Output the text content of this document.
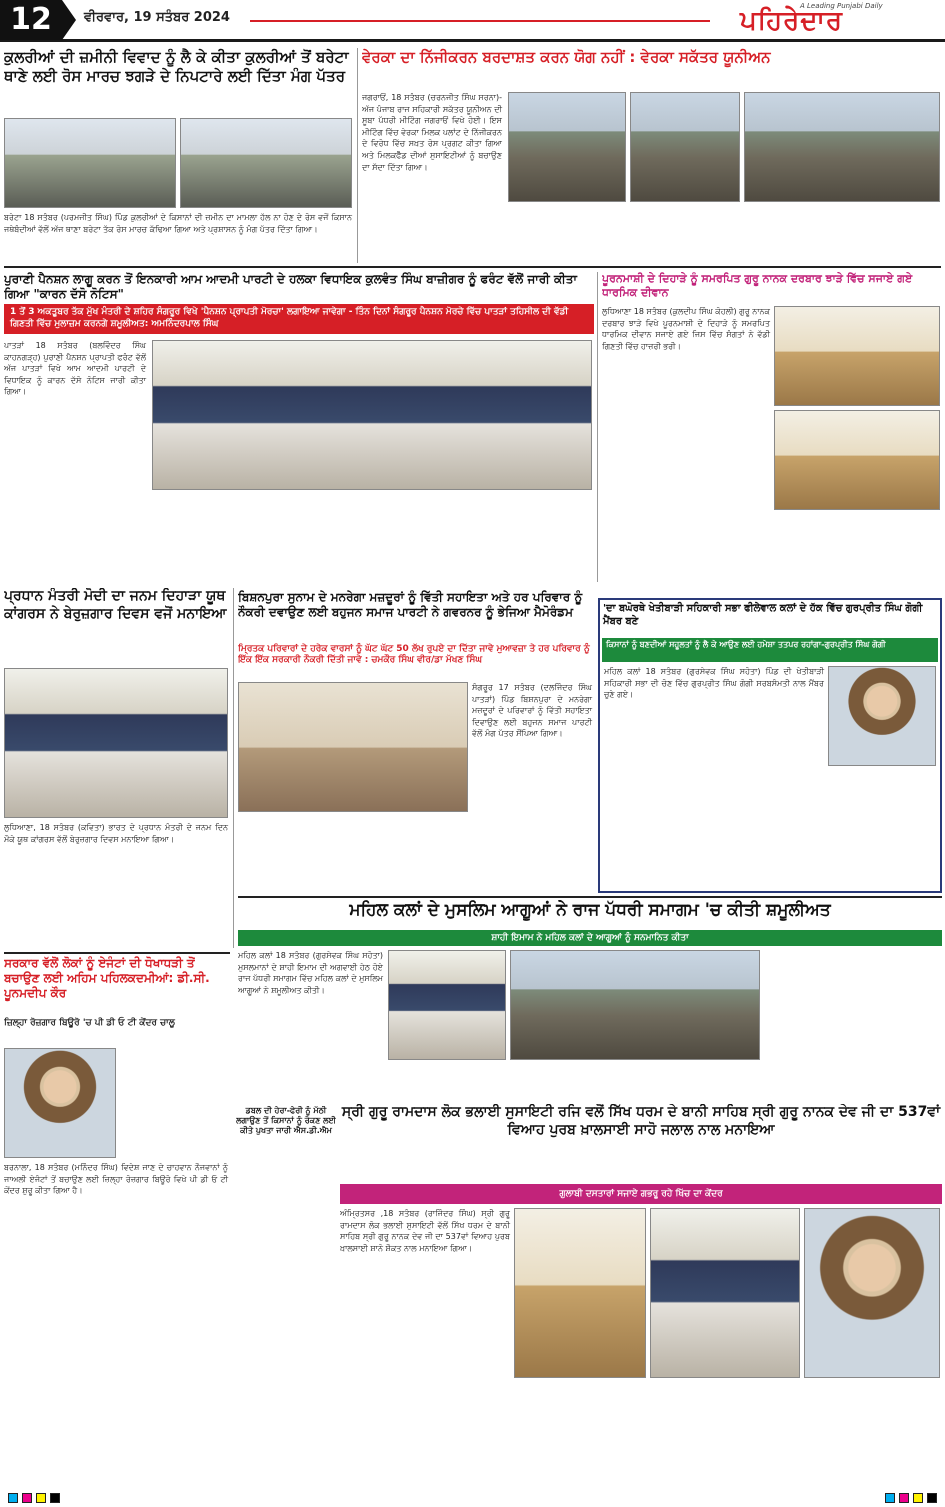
12	ਵੀਰਵਾਰ, 19 ਸਤੰਬਰ 2024
A Leading Punjabi Daily
ਪਹਿਰੇਦਾਰ
ਕੁਲਰੀਆਂ ਦੀ ਜ਼ਮੀਨੀ ਵਿਵਾਦ ਨੂੰ ਲੈ ਕੇ ਕੀਤਾ ਕੁਲਰੀਆਂ ਤੋਂ ਬਰੇਟਾ ਥਾਣੇ ਲਈ ਰੋਸ ਮਾਰਚ ਝਗੜੇ ਦੇ ਨਿਪਟਾਰੇ ਲਈ ਦਿੱਤਾ ਮੰਗ ਪੱਤਰ
ਬਰੇਟਾ 18 ਸਤੰਬਰ (ਪਰਮਜੀਤ ਸਿੰਘ) ਪਿੰਡ ਕੁਲਰੀਆਂ ਦੇ ਕਿਸਾਨਾਂ ਦੀ ਜ਼ਮੀਨ ਦਾ ਮਾਮਲਾ ਹੱਲ ਨਾ ਹੋਣ ਦੇ ਰੋਸ ਵਜੋਂ ਕਿਸਾਨ ਜਥੇਬੰਦੀਆਂ ਵੱਲੋਂ ਅੱਜ ਥਾਣਾ ਬਰੇਟਾ ਤੱਕ ਰੋਸ ਮਾਰਚ ਕੱਢਿਆ ਗਿਆ ਅਤੇ ਪ੍ਰਸ਼ਾਸਨ ਨੂੰ ਮੰਗ ਪੱਤਰ ਦਿੱਤਾ ਗਿਆ।
ਵੇਰਕਾ ਦਾ ਨਿੱਜੀਕਰਨ ਬਰਦਾਸ਼ਤ ਕਰਨ ਯੋਗ ਨਹੀਂ : ਵੇਰਕਾ ਸਕੱਤਰ ਯੂਨੀਅਨ
ਜਗਰਾਓਂ, 18 ਸਤੰਬਰ (ਚਰਨਜੀਤ ਸਿੰਘ ਸਰਨਾ)-ਅੱਜ ਪੰਜਾਬ ਰਾਜ ਸਹਿਕਾਰੀ ਸਕੱਤਰ ਯੂਨੀਅਨ ਦੀ ਸੂਬਾ ਪੱਧਰੀ ਮੀਟਿੰਗ ਜਗਰਾਓਂ ਵਿਖੇ ਹੋਈ। ਇਸ ਮੀਟਿੰਗ ਵਿੱਚ ਵੇਰਕਾ ਮਿਲਕ ਪਲਾਂਟ ਦੇ ਨਿੱਜੀਕਰਨ ਦੇ ਵਿਰੋਧ ਵਿੱਚ ਸਖ਼ਤ ਰੋਸ ਪ੍ਰਗਟ ਕੀਤਾ ਗਿਆ ਅਤੇ ਮਿਲਕਫੈੱਡ ਦੀਆਂ ਸੁਸਾਇਟੀਆਂ ਨੂੰ ਬਚਾਉਣ ਦਾ ਸੱਦਾ ਦਿੱਤਾ ਗਿਆ।
ਪੁਰਾਣੀ ਪੈਨਸ਼ਨ ਲਾਗੂ ਕਰਨ ਤੋਂ ਇਨਕਾਰੀ ਆਮ ਆਦਮੀ ਪਾਰਟੀ ਦੇ ਹਲਕਾ ਵਿਧਾਇਕ ਕੁਲਵੰਤ ਸਿੰਘ ਬਾਜ਼ੀਗਰ ਨੂੰ ਫਰੰਟ ਵੱਲੋਂ ਜਾਰੀ ਕੀਤਾ ਗਿਆ "ਕਾਰਨ ਦੱਸੋ ਨੋਟਿਸ"
1 ਤੋਂ 3 ਅਕਤੂਬਰ ਤੱਕ ਮੁੱਖ ਮੰਤਰੀ ਦੇ ਸ਼ਹਿਰ ਸੰਗਰੂਰ ਵਿਖੇ 'ਪੈਨਸ਼ਨ ਪ੍ਰਾਪਤੀ ਮੋਰਚਾ' ਲਗਾਇਆ ਜਾਵੇਗਾ - ਤਿੰਨ ਦਿਨਾਂ ਸੰਗਰੂਰ ਪੈਨਸ਼ਨ ਮੋਰਚੇ ਵਿੱਚ ਪਾਤੜਾਂ ਤਹਿਸੀਲ ਦੀ ਵੱਡੀ ਗਿਣਤੀ ਵਿੱਚ ਮੁਲਾਜ਼ਮ ਕਰਨਗੇ ਸ਼ਮੂਲੀਅਤ: ਅਮਨਿੰਦਰਪਾਲ ਸਿੰਘ
ਪਾਤੜਾਂ 18 ਸਤੰਬਰ (ਬਲਵਿੰਦਰ ਸਿੰਘ ਕਾਹਨਗੜ੍ਹ) ਪੁਰਾਣੀ ਪੈਨਸ਼ਨ ਪ੍ਰਾਪਤੀ ਫਰੰਟ ਵੱਲੋਂ ਅੱਜ ਪਾਤੜਾਂ ਵਿਖੇ ਆਮ ਆਦਮੀ ਪਾਰਟੀ ਦੇ ਵਿਧਾਇਕ ਨੂੰ ਕਾਰਨ ਦੱਸੋ ਨੋਟਿਸ ਜਾਰੀ ਕੀਤਾ ਗਿਆ।
ਪੂਰਨਮਾਸ਼ੀ ਦੇ ਦਿਹਾੜੇ ਨੂੰ ਸਮਰਪਿਤ ਗੁਰੂ ਨਾਨਕ ਦਰਬਾਰ ਝਾੜੇ ਵਿੱਚ ਸਜਾਏ ਗਏ ਧਾਰਮਿਕ ਦੀਵਾਨ
ਲੁਧਿਆਣਾ 18 ਸਤੰਬਰ (ਕੁਲਦੀਪ ਸਿੰਘ ਕੋਹਲੀ) ਗੁਰੂ ਨਾਨਕ ਦਰਬਾਰ ਝਾੜੇ ਵਿਖੇ ਪੂਰਨਮਾਸ਼ੀ ਦੇ ਦਿਹਾੜੇ ਨੂੰ ਸਮਰਪਿਤ ਧਾਰਮਿਕ ਦੀਵਾਨ ਸਜਾਏ ਗਏ ਜਿਸ ਵਿੱਚ ਸੰਗਤਾਂ ਨੇ ਵੱਡੀ ਗਿਣਤੀ ਵਿੱਚ ਹਾਜ਼ਰੀ ਭਰੀ।
ਪ੍ਰਧਾਨ ਮੰਤਰੀ ਮੋਦੀ ਦਾ ਜਨਮ ਦਿਹਾੜਾ ਯੂਥ ਕਾਂਗਰਸ ਨੇ ਬੇਰੁਜ਼ਗਾਰ ਦਿਵਸ ਵਜੋਂ ਮਨਾਇਆ
ਲੁਧਿਆਣਾ, 18 ਸਤੰਬਰ (ਕਵਿਤਾ) ਭਾਰਤ ਦੇ ਪ੍ਰਧਾਨ ਮੰਤਰੀ ਦੇ ਜਨਮ ਦਿਨ ਮੌਕੇ ਯੂਥ ਕਾਂਗਰਸ ਵੱਲੋਂ ਬੇਰੁਜ਼ਗਾਰ ਦਿਵਸ ਮਨਾਇਆ ਗਿਆ।
ਬਿਸ਼ਨਪੁਰਾ ਸੁਨਾਮ ਦੇ ਮਨਰੇਗਾ ਮਜ਼ਦੂਰਾਂ ਨੂੰ ਵਿੱਤੀ ਸਹਾਇਤਾ ਅਤੇ ਹਰ ਪਰਿਵਾਰ ਨੂੰ ਨੌਕਰੀ ਦਵਾਉਣ ਲਈ ਬਹੁਜਨ ਸਮਾਜ ਪਾਰਟੀ ਨੇ ਗਵਰਨਰ ਨੂੰ ਭੇਜਿਆ ਮੈਮੋਰੰਡਮ
ਮ੍ਰਿਤਕ ਪਰਿਵਾਰਾਂ ਦੇ ਹਰੇਕ ਵਾਰਸਾਂ ਨੂੰ ਘੱਟ ਘੱਟ 50 ਲੱਖ ਰੁਪਏ ਦਾ ਦਿੱਤਾ ਜਾਵੇ ਮੁਆਵਜ਼ਾ ਤੇ ਹਰ ਪਰਿਵਾਰ ਨੂੰ ਇੱਕ ਇੱਕ ਸਰਕਾਰੀ ਨੌਕਰੀ ਦਿੱਤੀ ਜਾਵੇ : ਚਮਕੌਰ ਸਿੰਘ ਵੀਰ/ਡਾ ਮੱਖਣ ਸਿੰਘ
ਸੰਗਰੂਰ 17 ਸਤੰਬਰ (ਦਲਜਿੰਦਰ ਸਿੰਘ ਪਾਤੜਾਂ) ਪਿੰਡ ਬਿਸ਼ਨਪੁਰਾ ਦੇ ਮਨਰੇਗਾ ਮਜ਼ਦੂਰਾਂ ਦੇ ਪਰਿਵਾਰਾਂ ਨੂੰ ਵਿੱਤੀ ਸਹਾਇਤਾ ਦਿਵਾਉਣ ਲਈ ਬਹੁਜਨ ਸਮਾਜ ਪਾਰਟੀ ਵੱਲੋਂ ਮੰਗ ਪੱਤਰ ਸੌਂਪਿਆ ਗਿਆ।
'ਦਾ ਬਘੋਰਥੇ ਖੇਤੀਬਾੜੀ ਸਹਿਕਾਰੀ ਸਭਾ ਫੀਲੇਵਾਲ ਕਲਾਂ ਦੇ ਹੱਕ ਵਿੱਚ ਗੁਰਪ੍ਰੀਤ ਸਿੰਘ ਗੋਗੀ ਮੈਂਬਰ ਬਣੇ
ਕਿਸਾਨਾਂ ਨੂੰ ਬਣਦੀਆਂ ਸਹੂਲਤਾਂ ਨੂੰ ਲੈ ਕੇ ਆਉਣ ਲਈ ਹਮੇਸ਼ਾ ਤਤਪਰ ਰਹਾਂਗਾ-ਗੁਰਪ੍ਰੀਤ ਸਿੰਘ ਗੋਗੀ
ਮਹਿਲ ਕਲਾਂ 18 ਸਤੰਬਰ (ਗੁਰਸੇਵਕ ਸਿੰਘ ਸਹੋਤਾ) ਪਿੰਡ ਦੀ ਖੇਤੀਬਾੜੀ ਸਹਿਕਾਰੀ ਸਭਾ ਦੀ ਚੋਣ ਵਿੱਚ ਗੁਰਪ੍ਰੀਤ ਸਿੰਘ ਗੋਗੀ ਸਰਬਸੰਮਤੀ ਨਾਲ ਮੈਂਬਰ ਚੁਣੇ ਗਏ।
ਮਹਿਲ ਕਲਾਂ ਦੇ ਮੁਸਲਿਮ ਆਗੂਆਂ ਨੇ ਰਾਜ ਪੱਧਰੀ ਸਮਾਗਮ 'ਚ ਕੀਤੀ ਸ਼ਮੂਲੀਅਤ
ਸ਼ਾਹੀ ਇਮਾਮ ਨੇ ਮਹਿਲ ਕਲਾਂ ਦੇ ਆਗੂਆਂ ਨੂੰ ਸਨਮਾਨਿਤ ਕੀਤਾ
ਮਹਿਲ ਕਲਾਂ 18 ਸਤੰਬਰ (ਗੁਰਸੇਵਕ ਸਿੰਘ ਸਹੋਤਾ) ਮੁਸਲਮਾਨਾਂ ਦੇ ਸ਼ਾਹੀ ਇਮਾਮ ਦੀ ਅਗਵਾਈ ਹੇਠ ਹੋਏ ਰਾਜ ਪੱਧਰੀ ਸਮਾਗਮ ਵਿੱਚ ਮਹਿਲ ਕਲਾਂ ਦੇ ਮੁਸਲਿਮ ਆਗੂਆਂ ਨੇ ਸ਼ਮੂਲੀਅਤ ਕੀਤੀ।
ਸਰਕਾਰ ਵੱਲੋਂ ਲੋਕਾਂ ਨੂੰ ਏਜੰਟਾਂ ਦੀ ਧੋਖਾਧੜੀ ਤੋਂ ਬਚਾਉਣ ਲਈ ਅਹਿਮ ਪਹਿਲਕਦਮੀਆਂ: ਡੀ.ਸੀ. ਪੂਨਮਦੀਪ ਕੌਰ
ਜ਼ਿਲ੍ਹਾ ਰੋਜ਼ਗਾਰ ਬਿਊਰੋ 'ਚ ਪੀ ਡੀ ਓ ਟੀ ਕੇਂਦਰ ਚਾਲੂ
ਬਰਨਾਲਾ, 18 ਸਤੰਬਰ (ਮਨਿੰਦਰ ਸਿੰਘ) ਵਿਦੇਸ਼ ਜਾਣ ਦੇ ਚਾਹਵਾਨ ਨੌਜਵਾਨਾਂ ਨੂੰ ਜਾਅਲੀ ਏਜੰਟਾਂ ਤੋਂ ਬਚਾਉਣ ਲਈ ਜ਼ਿਲ੍ਹਾ ਰੋਜ਼ਗਾਰ ਬਿਊਰੋ ਵਿਖੇ ਪੀ ਡੀ ਓ ਟੀ ਕੇਂਦਰ ਸ਼ੁਰੂ ਕੀਤਾ ਗਿਆ ਹੈ।
ਡਬਲ ਦੀ ਹੇਰਾ-ਫੇਰੀ ਨੂੰ ਮੱਠੀ ਲਗਾਉਣ ਤੋਂ ਕਿਸਾਨਾਂ ਨੂੰ ਰੋਕਣ ਲਈ ਕੀਤੇ ਪੁਖਤਾ ਜਾਰੀ ਐਸ.ਡੀ.ਐਮ
ਸ੍ਰੀ ਗੁਰੂ ਰਾਮਦਾਸ ਲੋਕ ਭਲਾਈ ਸੁਸਾਇਟੀ ਰਜਿ ਵਲੋਂ ਸਿੱਖ ਧਰਮ ਦੇ ਬਾਨੀ ਸਾਹਿਬ ਸ੍ਰੀ ਗੁਰੂ ਨਾਨਕ ਦੇਵ ਜੀ ਦਾ 537ਵਾਂ ਵਿਆਹ ਪੁਰਬ ਖ਼ਾਲਸਾਈ ਸਾਹੋ ਜਲਾਲ ਨਾਲ ਮਨਾਇਆ
ਗੁਲਾਬੀ ਦਸਤਾਰਾਂ ਸਜਾਏ ਗਭਰੂ ਰਹੇ ਖਿੱਚ ਦਾ ਕੇਂਦਰ
ਅੰਮ੍ਰਿਤਸਰ ,18 ਸਤੰਬਰ (ਰਾਜਿੰਦਰ ਸਿੰਘ) ਸ੍ਰੀ ਗੁਰੂ ਰਾਮਦਾਸ ਲੋਕ ਭਲਾਈ ਸੁਸਾਇਟੀ ਵੱਲੋਂ ਸਿੱਖ ਧਰਮ ਦੇ ਬਾਨੀ ਸਾਹਿਬ ਸ੍ਰੀ ਗੁਰੂ ਨਾਨਕ ਦੇਵ ਜੀ ਦਾ 537ਵਾਂ ਵਿਆਹ ਪੁਰਬ ਖ਼ਾਲਸਾਈ ਸ਼ਾਨੋ ਸ਼ੌਕਤ ਨਾਲ ਮਨਾਇਆ ਗਿਆ।
